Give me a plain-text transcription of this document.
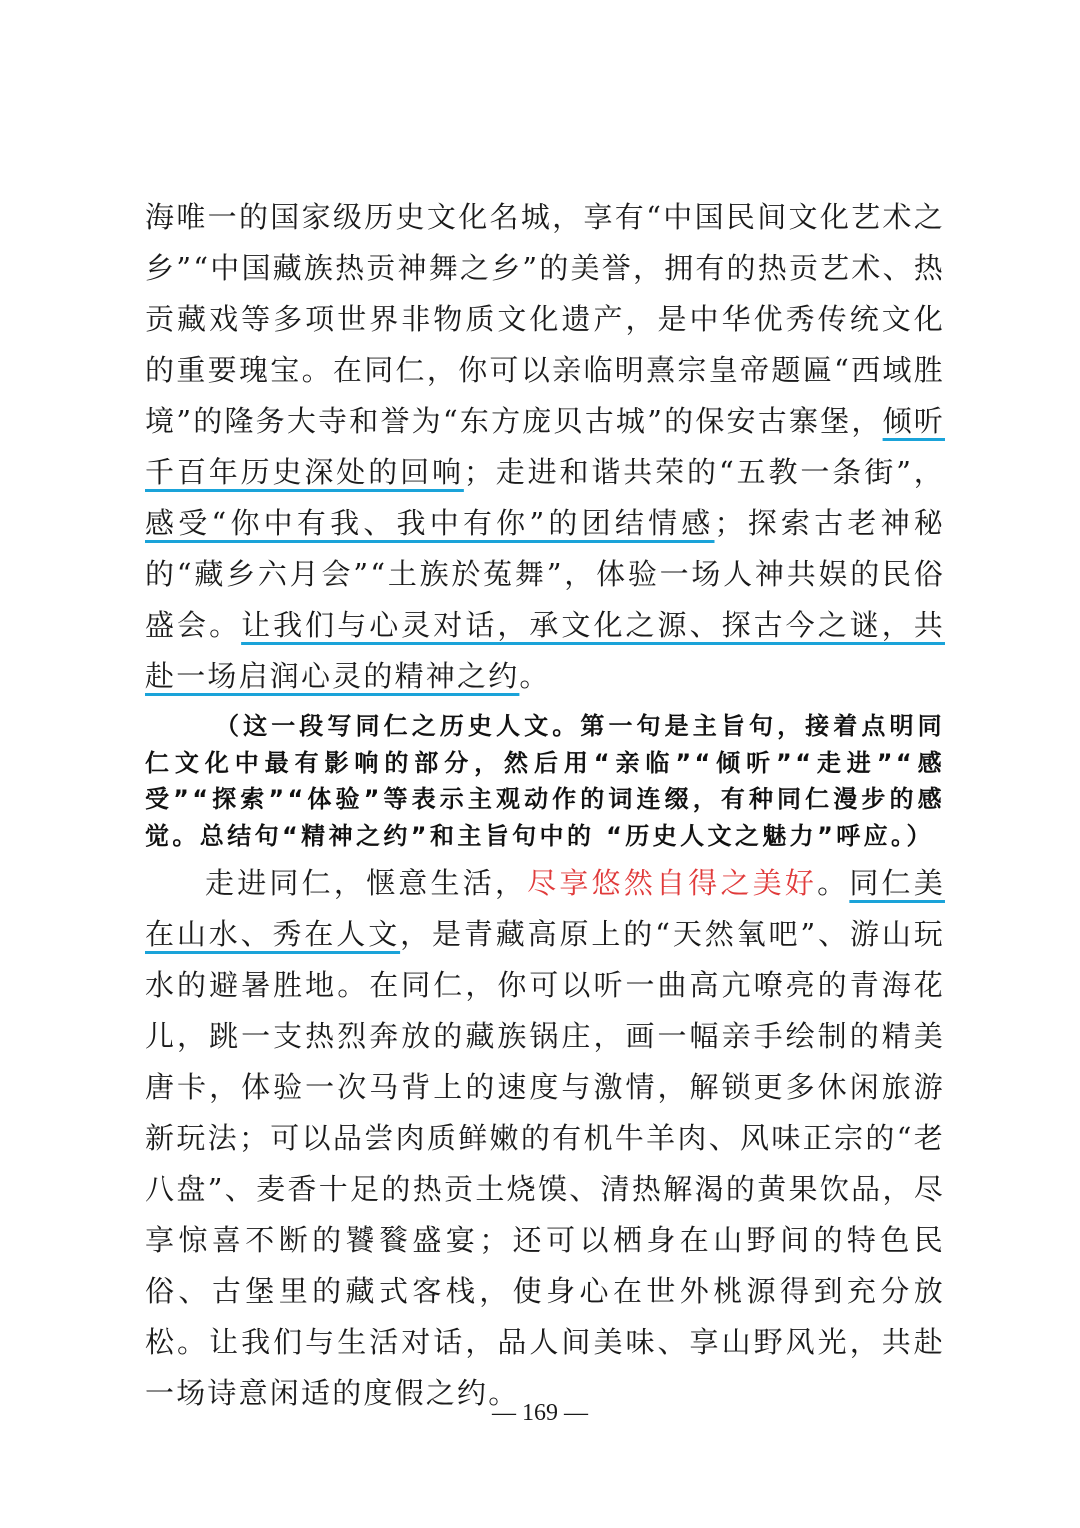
海唯一的国家级历史文化名城，享有“中国民间文化艺术之乡”“中国藏族热贡神舞之乡”的美誉，拥有的热贡艺术、热贡藏戏等多项世界非物质文化遗产，是中华优秀传统文化的重要瑰宝。在同仁，你可以亲临明熹宗皇帝题匾“西域胜境”的隆务大寺和誉为“东方庞贝古城”的保安古寨堡，倾听千百年历史深处的回响；走进和谐共荣的“五教一条街”，感受“你中有我、我中有你”的团结情感；探索古老神秘的“藏乡六月会”“土族於菟舞”，体验一场人神共娱的民俗盛会。让我们与心灵对话，承文化之源、探古今之谜，共赴一场启润心灵的精神之约。

（这一段写同仁之历史人文。第一句是主旨句，接着点明同仁文化中最有影响的部分，然后用“亲临”“倾听”“走进”“感受”“探索”“体验”等表示主观动作的词连缀，有种同仁漫步的感觉。总结句“精神之约”和主旨句中的 “历史人文之魅力”呼应。）

走进同仁，惬意生活，尽享悠然自得之美好。同仁美在山水、秀在人文，是青藏高原上的“天然氧吧”、游山玩水的避暑胜地。在同仁，你可以听一曲高亢嘹亮的青海花儿，跳一支热烈奔放的藏族锅庄，画一幅亲手绘制的精美唐卡，体验一次马背上的速度与激情，解锁更多休闲旅游新玩法；可以品尝肉质鲜嫩的有机牛羊肉、风味正宗的“老八盘”、麦香十足的热贡土烧馍、清热解渴的黄果饮品，尽享惊喜不断的饕餮盛宴；还可以栖身在山野间的特色民俗、古堡里的藏式客栈，使身心在世外桃源得到充分放松。让我们与生活对话，品人间美味、享山野风光，共赴一场诗意闲适的度假之约。

— 169 —
